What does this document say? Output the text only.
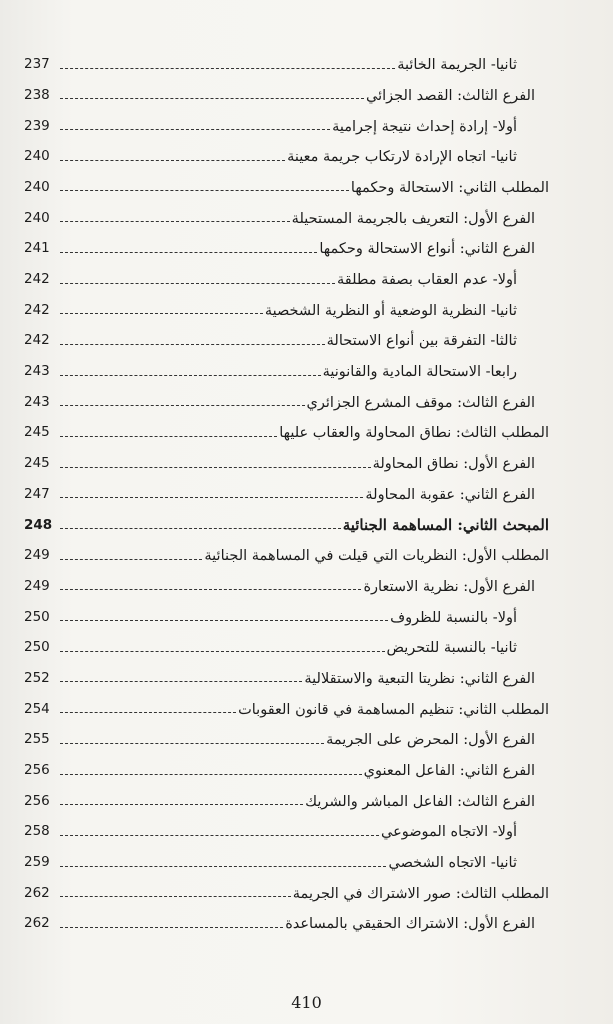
ثانيا- الجريمة الخائبة
237
الفرع الثالث: القصد الجزائي
238
أولا- إرادة إحداث نتيجة إجرامية
239
ثانيا- اتجاه الإرادة لارتكاب جريمة معينة
240
المطلب الثاني: الاستحالة وحكمها
240
الفرع الأول: التعريف بالجريمة المستحيلة
240
الفرع الثاني: أنواع الاستحالة وحكمها
241
أولا- عدم العقاب بصفة مطلقة
242
ثانيا- النظرية الوضعية أو النظرية الشخصية
242
ثالثا- التفرقة بين أنواع الاستحالة
242
رابعا- الاستحالة المادية والقانونية
243
الفرع الثالث: موقف المشرع الجزائري
243
المطلب الثالث: نطاق المحاولة والعقاب عليها
245
الفرع الأول: نطاق المحاولة
245
الفرع الثاني: عقوبة المحاولة
247
المبحث الثاني: المساهمة الجنائية
248
المطلب الأول: النظريات التي قيلت في المساهمة الجنائية
249
الفرع الأول: نظرية الاستعارة
249
أولا- بالنسبة للظروف
250
ثانيا- بالنسبة للتحريض
250
الفرع الثاني: نظريتا التبعية والاستقلالية
252
المطلب الثاني: تنظيم المساهمة في قانون العقوبات
254
الفرع الأول: المحرض على الجريمة
255
الفرع الثاني: الفاعل المعنوي
256
الفرع الثالث: الفاعل المباشر والشريك
256
أولا- الاتجاه الموضوعي
258
ثانيا- الاتجاه الشخصي
259
المطلب الثالث: صور الاشتراك في الجريمة
262
الفرع الأول: الاشتراك الحقيقي بالمساعدة
262
410
